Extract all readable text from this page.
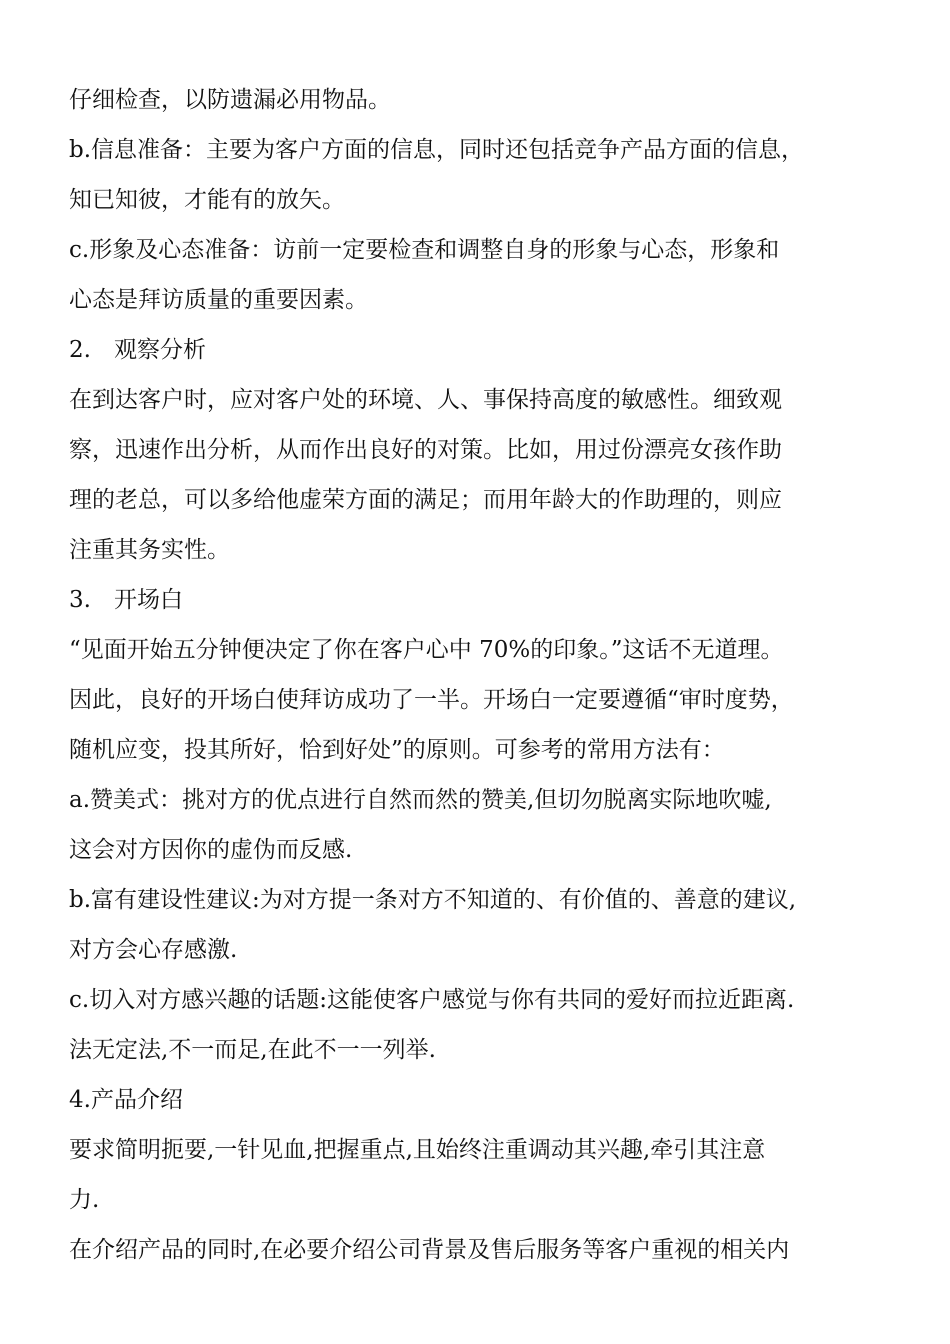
仔细检查，以防遗漏必用物品。
b.信息准备：主要为客户方面的信息，同时还包括竞争产品方面的信息，
知已知彼，才能有的放矢。
c.形象及心态准备：访前一定要检查和调整自身的形象与心态，形象和
心态是拜访质量的重要因素。
2.　观察分析
在到达客户时，应对客户处的环境、人、事保持高度的敏感性。细致观
察，迅速作出分析，从而作出良好的对策。比如，用过份漂亮女孩作助
理的老总，可以多给他虚荣方面的满足；而用年龄大的作助理的，则应
注重其务实性。
3.　开场白
“见面开始五分钟便决定了你在客户心中 70%的印象。”这话不无道理。
因此，良好的开场白使拜访成功了一半。开场白一定要遵循“审时度势，
随机应变，投其所好，恰到好处”的原则。可参考的常用方法有：
a.赞美式：挑对方的优点进行自然而然的赞美,但切勿脱离实际地吹嘘,
这会对方因你的虚伪而反感.
b.富有建设性建议:为对方提一条对方不知道的、有价值的、善意的建议,
对方会心存感激.
c.切入对方感兴趣的话题:这能使客户感觉与你有共同的爱好而拉近距离.
法无定法,不一而足,在此不一一列举.
4.产品介绍
要求简明扼要,一针见血,把握重点,且始终注重调动其兴趣,牵引其注意
力.
在介绍产品的同时,在必要介绍公司背景及售后服务等客户重视的相关内
